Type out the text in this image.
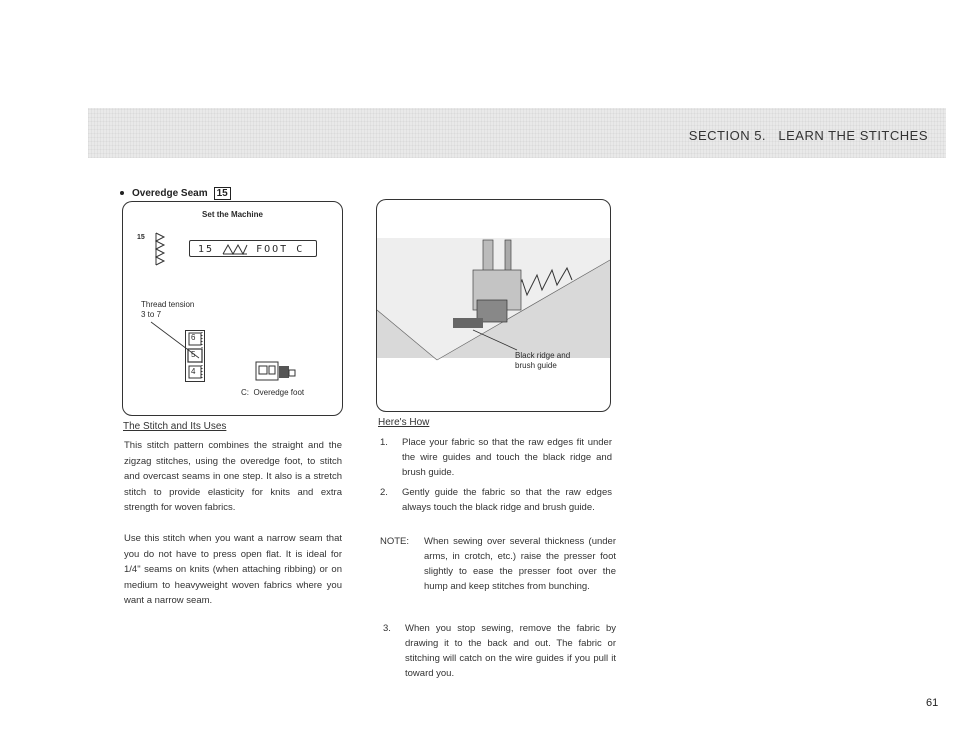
SECTION 5.   LEARN THE STITCHES
Overedge Seam 15
Set the Machine
15
15	FOOT C
Thread tension
3 to 7
6
5
4
C:  Overedge foot
Black ridge and
brush guide
The Stitch and Its Uses
This stitch pattern combines the straight and the zigzag stitches, using the overedge foot, to stitch and overcast seams in one step. It also is a stretch stitch to provide elasticity for knits and extra strength for woven fabrics.
Use this stitch when you want a narrow seam that you do not have to press open flat. It is ideal for 1/4" seams on knits (when attaching ribbing) or on medium to heavyweight woven fabrics where you want a narrow seam.
Here's How
1. Place your fabric so that the raw edges fit under the wire guides and touch the black ridge and brush guide.
2. Gently guide the fabric so that the raw edges always touch the black ridge and brush guide.
NOTE: When sewing over several thickness (under arms, in crotch, etc.) raise the presser foot slightly to ease the presser foot over the hump and keep stitches from bunching.
3. When you stop sewing, remove the fabric by drawing it to the back and out. The fabric or stitching will catch on the wire guides if you pull it toward you.
61
